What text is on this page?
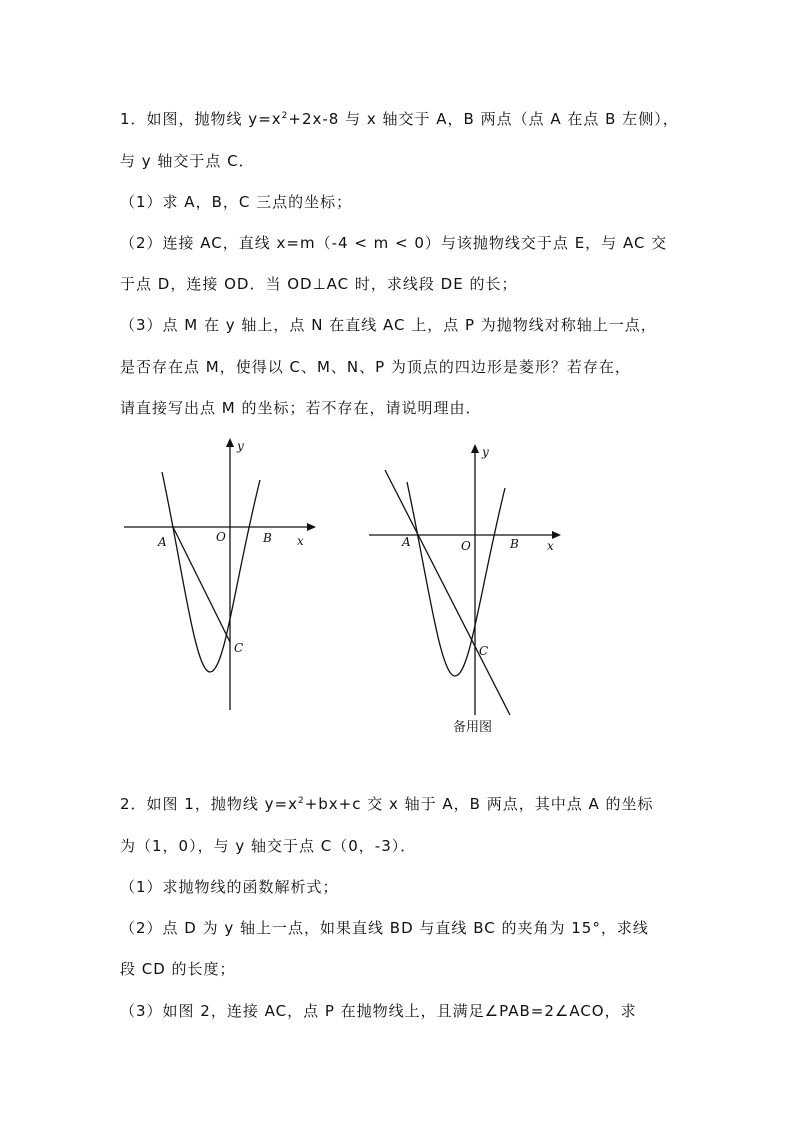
1．如图，抛物线 $y=x^2+2x-8$ 与 x 轴交于 A，B 两点（点 A 在点 B 左侧），
与 y 轴交于点 C．
（1）求 A，B，C 三点的坐标；
（2）连接 AC，直线 x=m（-4 < m < 0）与该抛物线交于点 E，与 AC 交
于点 D，连接 OD．当 OD⊥AC 时，求线段 DE 的长；
（3）点 M 在 y 轴上，点 N 在直线 AC 上，点 P 为抛物线对称轴上一点，
是否存在点 M，使得以 C、M、N、P 为顶点的四边形是菱形？若存在，
请直接写出点 M 的坐标；若不存在，请说明理由．
y
x
A	O	B
C
y
x
A	O	B
C
备用图
2．如图 1，抛物线 $y=x^2+bx+c$ 交 x 轴于 A，B 两点，其中点 A 的坐标
为（1，0），与 y 轴交于点 C（0，-3）．
（1）求抛物线的函数解析式；
（2）点 D 为 y 轴上一点，如果直线 BD 与直线 BC 的夹角为 15°，求线
段 CD 的长度；
（3）如图 2，连接 AC，点 P 在抛物线上，且满足∠PAB=2∠ACO，求
